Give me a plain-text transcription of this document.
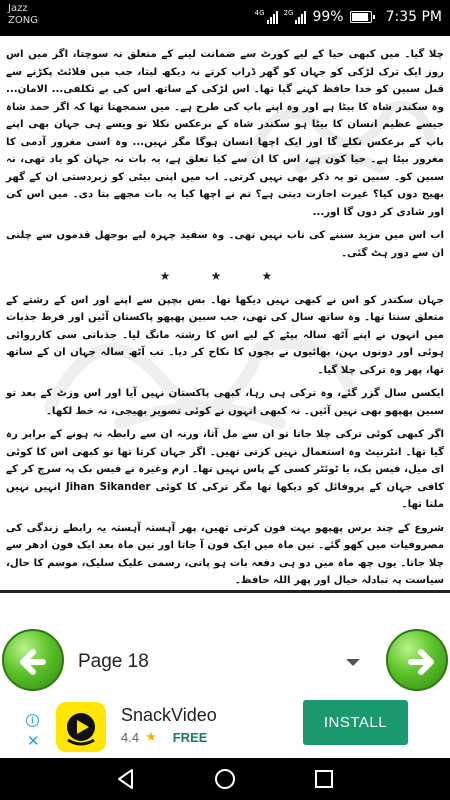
Jazz
ZONG
4G	2G 99%	7:35 PM

چلا گیا۔ میں کبھی حیا کے لیے کورٹ سے ضمانت لینے کے متعلق نہ سوچتا، اگر میں اس روز ایک ترک لڑکی کو جہان کو گھر ڈراپ کرتے نہ دیکھ لیتا، جب میں فلائٹ پکڑنے سے قبل سبین کو خدا حافظ کہنے گیا تھا۔ اس لڑکی کے ساتھ اس کی بے تکلفی... الامان... وہ سکندر شاہ کا بیٹا ہے اور وہ اپنے باپ کی طرح ہے۔ میں سمجھتا تھا کہ اگر حمد شاہ جیسے عظیم انسان کا بیٹا ہو سکندر شاہ کے برعکس نکلا تو ویسے ہی جہان بھی اپنے باپ کے برعکس نکلے گا اور ایک اچھا انسان ہوگا مگر نہیں... وہ اسی مغرور آدمی کا مغرور بیٹا ہے۔ حیا کون ہے، اس کا ان سے کیا تعلق ہے، یہ بات نہ جہان کو یاد تھی، نہ سبین کو۔ سبین تو یہ ذکر بھی نہیں کرتی۔ اب میں اپنی بیٹی کو زبردستی ان کے گھر بھیج دوں کیا؟ غیرت اجازت دیتی ہے؟ تم نے اچھا کیا یہ بات مجھے بتا دی۔ میں اس کی اور شادی کر دوں گا اور...

اب اس میں مزید سننے کی تاب نہیں تھی۔ وہ سفید چہرہ لیے بوجھل قدموں سے چلتی ان سے دور ہٹ گئی۔

★ ★ ★

جہان سکندر کو اس نے کبھی نہیں دیکھا تھا۔ بس بچپن سے اپنے اور اس کے رشتے کے متعلق سنتا تھا۔ وہ ساتھ سال کی تھی، جب سبین پھپھو پاکستان آئیں اور فرط جذبات میں انہوں نے اپنے آٹھ سالہ بیٹے کے لیے اس کا رشتہ مانگ لیا۔ جذباتی سی کارروائی ہوئی اور دونوں بہن، بھائیوں نے بچوں کا نکاح کر دیا۔ تب آٹھ سالہ جہان ان کے ساتھ تھا، پھر وہ ترکی چلا گیا۔

ایکسں سال گزر گئے، وہ ترکی ہی رہا، کبھی پاکستان نہیں آیا اور اس وزٹ کے بعد تو سبین پھپھو بھی نہیں آئیں۔ نہ کبھی انہوں نے کوئی تصویر بھیجی، نہ خط لکھا۔

اگر کبھی کوئی ترکی چلا جاتا تو ان سے مل آتا، ورنہ ان سے رابطہ نہ ہونے کے برابر رہ گیا تھا۔ انٹرنیٹ وہ استعمال نہیں کرتی تھیں۔ اگر جہان کرتا تھا تو کبھی اس کا کوئی ای میل، فیس بک، یا ٹوئٹر کسی کے پاس نہیں تھا۔ ارم وغیرہ نے فیس بک پہ سرچ کر کے کافی جہان کے پروفائل کو دیکھا تھا مگر ترکی کا کوئی Jihan Sikander انہیں نہیں ملتا تھا۔

شروع کے چند برس پھپھو بہت فون کرتی تھیں، پھر آہستہ آہستہ یہ رابطے زندگی کی مصروفیات میں کھو گئے۔ تین ماہ میں ایک فون آ جاتا اور تین ماہ بعد ایک فون ادھر سے چلا جاتا۔ یوں چھ ماہ میں دو ہی دفعہ بات ہو پاتی، رسمی علیک سلیک، موسم کا حال، سیاست پہ تبادلہ خیال اور پھر اللہ حافظ۔

Page 18
i
✕
SnackVideo
4.4 ★ FREE
INSTALL
